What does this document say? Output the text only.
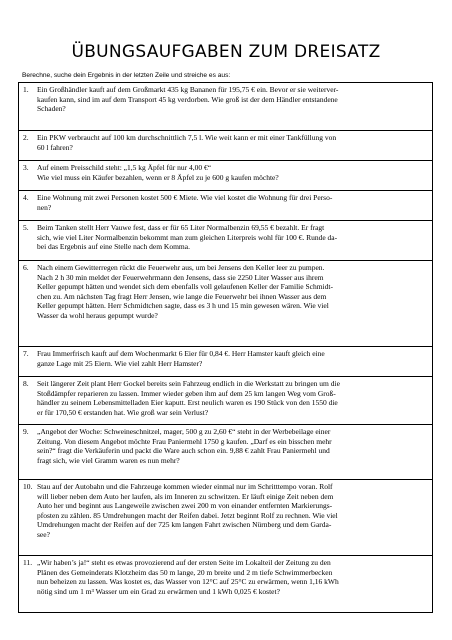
ÜBUNGSAUFGABEN ZUM DREISATZ
Berechne, suche dein Ergebnis in der letzten Zeile und streiche es aus:
1.	Ein Großhändler kauft auf dem Großmarkt 435 kg Bananen für 195,75 € ein. Bevor er sie weiterver-
kaufen kann, sind im auf dem Transport 45 kg verdorben. Wie groß ist der dem Händler entstandene
Schaden?
2.	Ein PKW verbraucht auf 100 km durchschnittlich 7,5 l. Wie weit kann er mit einer Tankfüllung von
60 l fahren?
3.	Auf einem Preisschild steht: „1,5 kg Äpfel für nur 4,00 €“
Wie viel muss ein Käufer bezahlen, wenn er 8 Äpfel zu je 600 g kaufen möchte?
4.	Eine Wohnung mit zwei Personen kostet 500 € Miete. Wie viel kostet die Wohnung für drei Perso-
nen?
5.	Beim Tanken stellt Herr Vauwe fest, dass er für 65 Liter Normalbenzin 69,55 € bezahlt. Er fragt
sich, wie viel Liter Normalbenzin bekommt man zum gleichen Literpreis wohl für 100 €. Runde da-
bei das Ergebnis auf eine Stelle nach dem Komma.
6.	Nach einem Gewitterregen rückt die Feuerwehr aus, um bei Jensens den Keller leer zu pumpen.
Nach 2 h 30 min meldet der Feuerwehrmann den Jensens, dass sie 2250 Liter Wasser aus ihrem
Keller gepumpt hätten und wendet sich dem ebenfalls voll gelaufenen Keller der Familie Schmidt-
chen zu. Am nächsten Tag fragt Herr Jensen, wie lange die Feuerwehr bei ihnen Wasser aus dem
Keller gepumpt hätten. Herr Schmidtchen sagte, dass es 3 h und 15 min gewesen wären. Wie viel
Wasser da wohl heraus gepumpt wurde?
7.	Frau Immerfrisch kauft auf dem Wochenmarkt 6 Eier für 0,84 €. Herr Hamster kauft gleich eine
ganze Lage mit 25 Eiern. Wie viel zahlt Herr Hamster?
8.	Seit längerer Zeit plant Herr Gockel bereits sein Fahrzeug endlich in die Werkstatt zu bringen um die
Stoßdämpfer reparieren zu lassen. Immer wieder geben ihm auf dem 25 km langen Weg vom Groß-
händler zu seinem Lebensmittelladen Eier kaputt. Erst neulich waren es 190 Stück von den 1550 die
er für 170,50 € erstanden hat. Wie groß war sein Verlust?
9.	„Angebot der Woche: Schweineschnitzel, mager, 500 g zu 2,60 €“ steht in der Werbebeilage einer
Zeitung. Von diesem Angebot möchte Frau Paniermehl 1750 g kaufen. „Darf es ein bisschen mehr
sein?“ fragt die Verkäuferin und packt die Ware auch schon ein. 9,88 € zahlt Frau Paniermehl und
fragt sich, wie viel Gramm waren es nun mehr?
10. Stau auf der Autobahn und die Fahrzeuge kommen wieder einmal nur im Schritttempo voran. Rolf
will lieber neben dem Auto her laufen, als im Inneren zu schwitzen. Er läuft einige Zeit neben dem
Auto her und beginnt aus Langeweile zwischen zwei 200 m von einander entfernten Markierungs-
pfosten zu zählen. 85 Umdrehungen macht der Reifen dabei. Jetzt beginnt Rolf zu rechnen. Wie viel
Umdrehungen macht der Reifen auf der 725 km langen Fahrt zwischen Nürnberg und dem Garda-
see?
11. „Wir haben’s ja!“ steht es etwas provozierend auf der ersten Seite im Lokalteil der Zeitung zu den
Plänen des Gemeinderats Klotzheim das 50 m lange, 20 m breite und 2 m tiefe Schwimmerbecken
nun beheizen zu lassen. Was kostet es, das Wasser von 12°C auf 25°C zu erwärmen, wenn 1,16 kWh
nötig sind um 1 m³ Wasser um ein Grad zu erwärmen und 1 kWh 0,025 € kostet?
